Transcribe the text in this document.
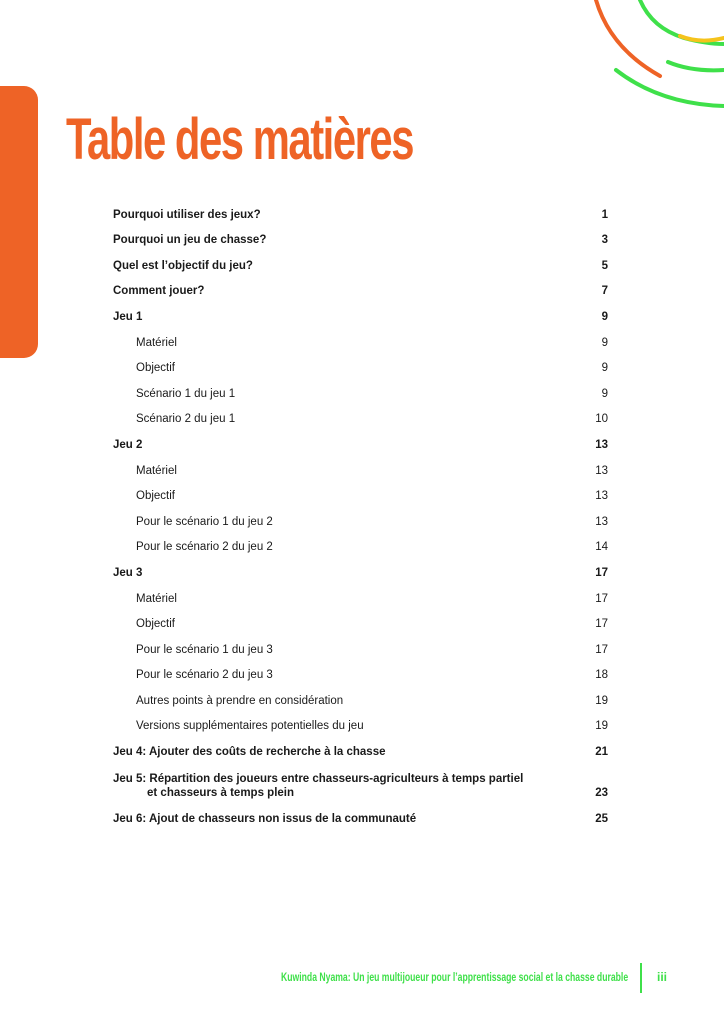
Table des matières
Pourquoi utiliser des jeux?	1
Pourquoi un jeu de chasse?	3
Quel est l’objectif du jeu?	5
Comment jouer?	7
Jeu 1	9
Matériel	9
Objectif	9
Scénario 1 du jeu 1	9
Scénario 2 du jeu 1	10
Jeu 2	13
Matériel	13
Objectif	13
Pour le scénario 1 du jeu 2	13
Pour le scénario 2 du jeu 2	14
Jeu 3	17
Matériel	17
Objectif	17
Pour le scénario 1 du jeu 3	17
Pour le scénario 2 du jeu 3	18
Autres points à prendre en considération	19
Versions supplémentaires potentielles du jeu	19
Jeu 4: Ajouter des coûts de recherche à la chasse	21
Jeu 5: Répartition des joueurs entre chasseurs-agriculteurs à temps partiel
et chasseurs à temps plein	23
Jeu 6: Ajout de chasseurs non issus de la communauté	25
Kuwinda Nyama: Un jeu multijoueur pour l’apprentissage social et la chasse durable iii
